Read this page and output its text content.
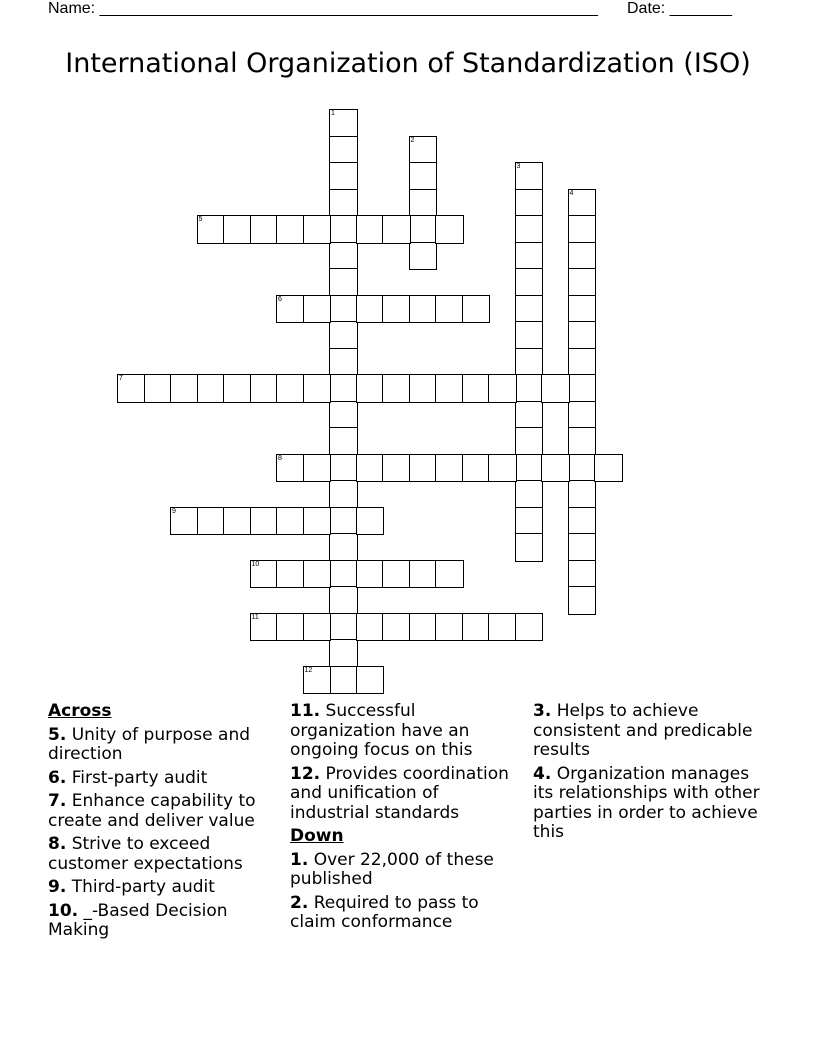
Name: ________________________________________________________ Date: _______
International Organization of Standardization (ISO)
1
2
3
4
5
6
7
8
9
10
11
12
Across
5. Unity of purpose and direction
6. First-party audit
7. Enhance capability to create and deliver value
8. Strive to exceed customer expectations
9. Third-party audit
10. _-Based Decision Making
11. Successful organization have an ongoing focus on this
12. Provides coordination and unification of industrial standards
Down
1. Over 22,000 of these published
2. Required to pass to claim conformance
3. Helps to achieve consistent and predicable results
4. Organization manages its relationships with other parties in order to achieve this
